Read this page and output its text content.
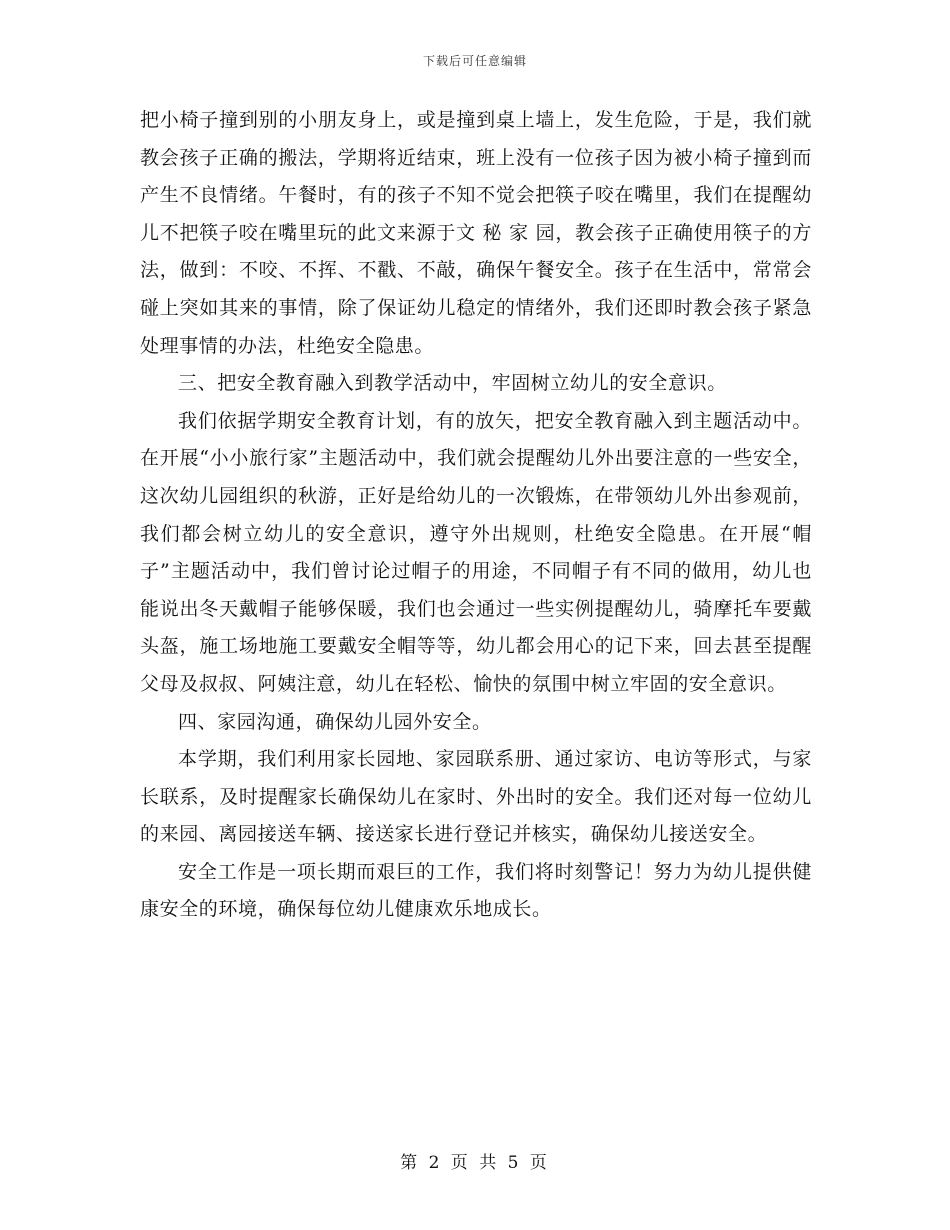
下载后可任意编辑

把小椅子撞到别的小朋友身上，或是撞到桌上墙上，发生危险，于是，我们就教会孩子正确的搬法，学期将近结束，班上没有一位孩子因为被小椅子撞到而产生不良情绪。午餐时，有的孩子不知不觉会把筷子咬在嘴里，我们在提醒幼儿不把筷子咬在嘴里玩的此文来源于文 秘 家 园，教会孩子正确使用筷子的方法，做到：不咬、不挥、不戳、不敲，确保午餐安全。孩子在生活中，常常会碰上突如其来的事情，除了保证幼儿稳定的情绪外，我们还即时教会孩子紧急处理事情的办法，杜绝安全隐患。

三、把安全教育融入到教学活动中，牢固树立幼儿的安全意识。

我们依据学期安全教育计划，有的放矢，把安全教育融入到主题活动中。在开展“小小旅行家”主题活动中，我们就会提醒幼儿外出要注意的一些安全，这次幼儿园组织的秋游，正好是给幼儿的一次锻炼，在带领幼儿外出参观前，我们都会树立幼儿的安全意识，遵守外出规则，杜绝安全隐患。在开展“帽子”主题活动中，我们曾讨论过帽子的用途，不同帽子有不同的做用，幼儿也能说出冬天戴帽子能够保暖，我们也会通过一些实例提醒幼儿，骑摩托车要戴头盔，施工场地施工要戴安全帽等等，幼儿都会用心的记下来，回去甚至提醒父母及叔叔、阿姨注意，幼儿在轻松、愉快的氛围中树立牢固的安全意识。

四、家园沟通，确保幼儿园外安全。

本学期，我们利用家长园地、家园联系册、通过家访、电访等形式，与家长联系，及时提醒家长确保幼儿在家时、外出时的安全。我们还对每一位幼儿的来园、离园接送车辆、接送家长进行登记并核实，确保幼儿接送安全。

安全工作是一项长期而艰巨的工作，我们将时刻警记！努力为幼儿提供健康安全的环境，确保每位幼儿健康欢乐地成长。

第 2 页 共 5 页
